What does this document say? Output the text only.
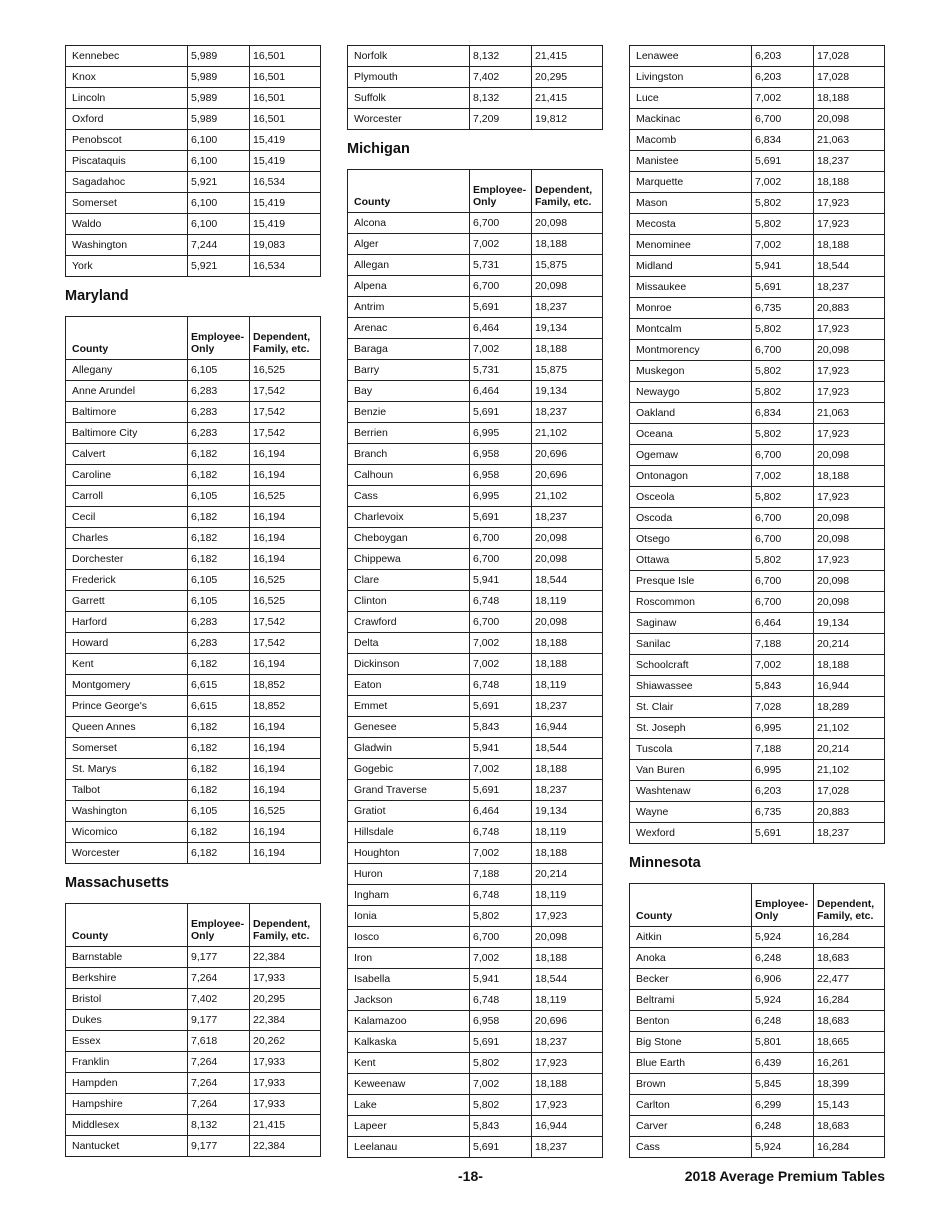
Kennebec	5,989	16,501
Knox	5,989	16,501
Lincoln	5,989	16,501
Oxford	5,989	16,501
Penobscot	6,100	15,419
Piscataquis	6,100	15,419
Sagadahoc	5,921	16,534
Somerset	6,100	15,419
Waldo	6,100	15,419
Washington	7,244	19,083
York	5,921	16,534
Maryland
County	Employee-Only	Dependent, Family, etc.
Allegany	6,105	16,525
Anne Arundel	6,283	17,542
Baltimore	6,283	17,542
Baltimore City	6,283	17,542
Calvert	6,182	16,194
Caroline	6,182	16,194
Carroll	6,105	16,525
Cecil	6,182	16,194
Charles	6,182	16,194
Dorchester	6,182	16,194
Frederick	6,105	16,525
Garrett	6,105	16,525
Harford	6,283	17,542
Howard	6,283	17,542
Kent	6,182	16,194
Montgomery	6,615	18,852
Prince George's	6,615	18,852
Queen Annes	6,182	16,194
Somerset	6,182	16,194
St. Marys	6,182	16,194
Talbot	6,182	16,194
Washington	6,105	16,525
Wicomico	6,182	16,194
Worcester	6,182	16,194
Massachusetts
County	Employee-Only	Dependent, Family, etc.
Barnstable	9,177	22,384
Berkshire	7,264	17,933
Bristol	7,402	20,295
Dukes	9,177	22,384
Essex	7,618	20,262
Franklin	7,264	17,933
Hampden	7,264	17,933
Hampshire	7,264	17,933
Middlesex	8,132	21,415
Nantucket	9,177	22,384
Norfolk	8,132	21,415
Plymouth	7,402	20,295
Suffolk	8,132	21,415
Worcester	7,209	19,812
Michigan
County	Employee-Only	Dependent, Family, etc.
Alcona	6,700	20,098
Alger	7,002	18,188
Allegan	5,731	15,875
Alpena	6,700	20,098
Antrim	5,691	18,237
Arenac	6,464	19,134
Baraga	7,002	18,188
Barry	5,731	15,875
Bay	6,464	19,134
Benzie	5,691	18,237
Berrien	6,995	21,102
Branch	6,958	20,696
Calhoun	6,958	20,696
Cass	6,995	21,102
Charlevoix	5,691	18,237
Cheboygan	6,700	20,098
Chippewa	6,700	20,098
Clare	5,941	18,544
Clinton	6,748	18,119
Crawford	6,700	20,098
Delta	7,002	18,188
Dickinson	7,002	18,188
Eaton	6,748	18,119
Emmet	5,691	18,237
Genesee	5,843	16,944
Gladwin	5,941	18,544
Gogebic	7,002	18,188
Grand Traverse	5,691	18,237
Gratiot	6,464	19,134
Hillsdale	6,748	18,119
Houghton	7,002	18,188
Huron	7,188	20,214
Ingham	6,748	18,119
Ionia	5,802	17,923
Iosco	6,700	20,098
Iron	7,002	18,188
Isabella	5,941	18,544
Jackson	6,748	18,119
Kalamazoo	6,958	20,696
Kalkaska	5,691	18,237
Kent	5,802	17,923
Keweenaw	7,002	18,188
Lake	5,802	17,923
Lapeer	5,843	16,944
Leelanau	5,691	18,237
Lenawee	6,203	17,028
Livingston	6,203	17,028
Luce	7,002	18,188
Mackinac	6,700	20,098
Macomb	6,834	21,063
Manistee	5,691	18,237
Marquette	7,002	18,188
Mason	5,802	17,923
Mecosta	5,802	17,923
Menominee	7,002	18,188
Midland	5,941	18,544
Missaukee	5,691	18,237
Monroe	6,735	20,883
Montcalm	5,802	17,923
Montmorency	6,700	20,098
Muskegon	5,802	17,923
Newaygo	5,802	17,923
Oakland	6,834	21,063
Oceana	5,802	17,923
Ogemaw	6,700	20,098
Ontonagon	7,002	18,188
Osceola	5,802	17,923
Oscoda	6,700	20,098
Otsego	6,700	20,098
Ottawa	5,802	17,923
Presque Isle	6,700	20,098
Roscommon	6,700	20,098
Saginaw	6,464	19,134
Sanilac	7,188	20,214
Schoolcraft	7,002	18,188
Shiawassee	5,843	16,944
St. Clair	7,028	18,289
St. Joseph	6,995	21,102
Tuscola	7,188	20,214
Van Buren	6,995	21,102
Washtenaw	6,203	17,028
Wayne	6,735	20,883
Wexford	5,691	18,237
Minnesota
County	Employee-Only	Dependent, Family, etc.
Aitkin	5,924	16,284
Anoka	6,248	18,683
Becker	6,906	22,477
Beltrami	5,924	16,284
Benton	6,248	18,683
Big Stone	5,801	18,665
Blue Earth	6,439	16,261
Brown	5,845	18,399
Carlton	6,299	15,143
Carver	6,248	18,683
Cass	5,924	16,284
-18-	2018 Average Premium Tables
